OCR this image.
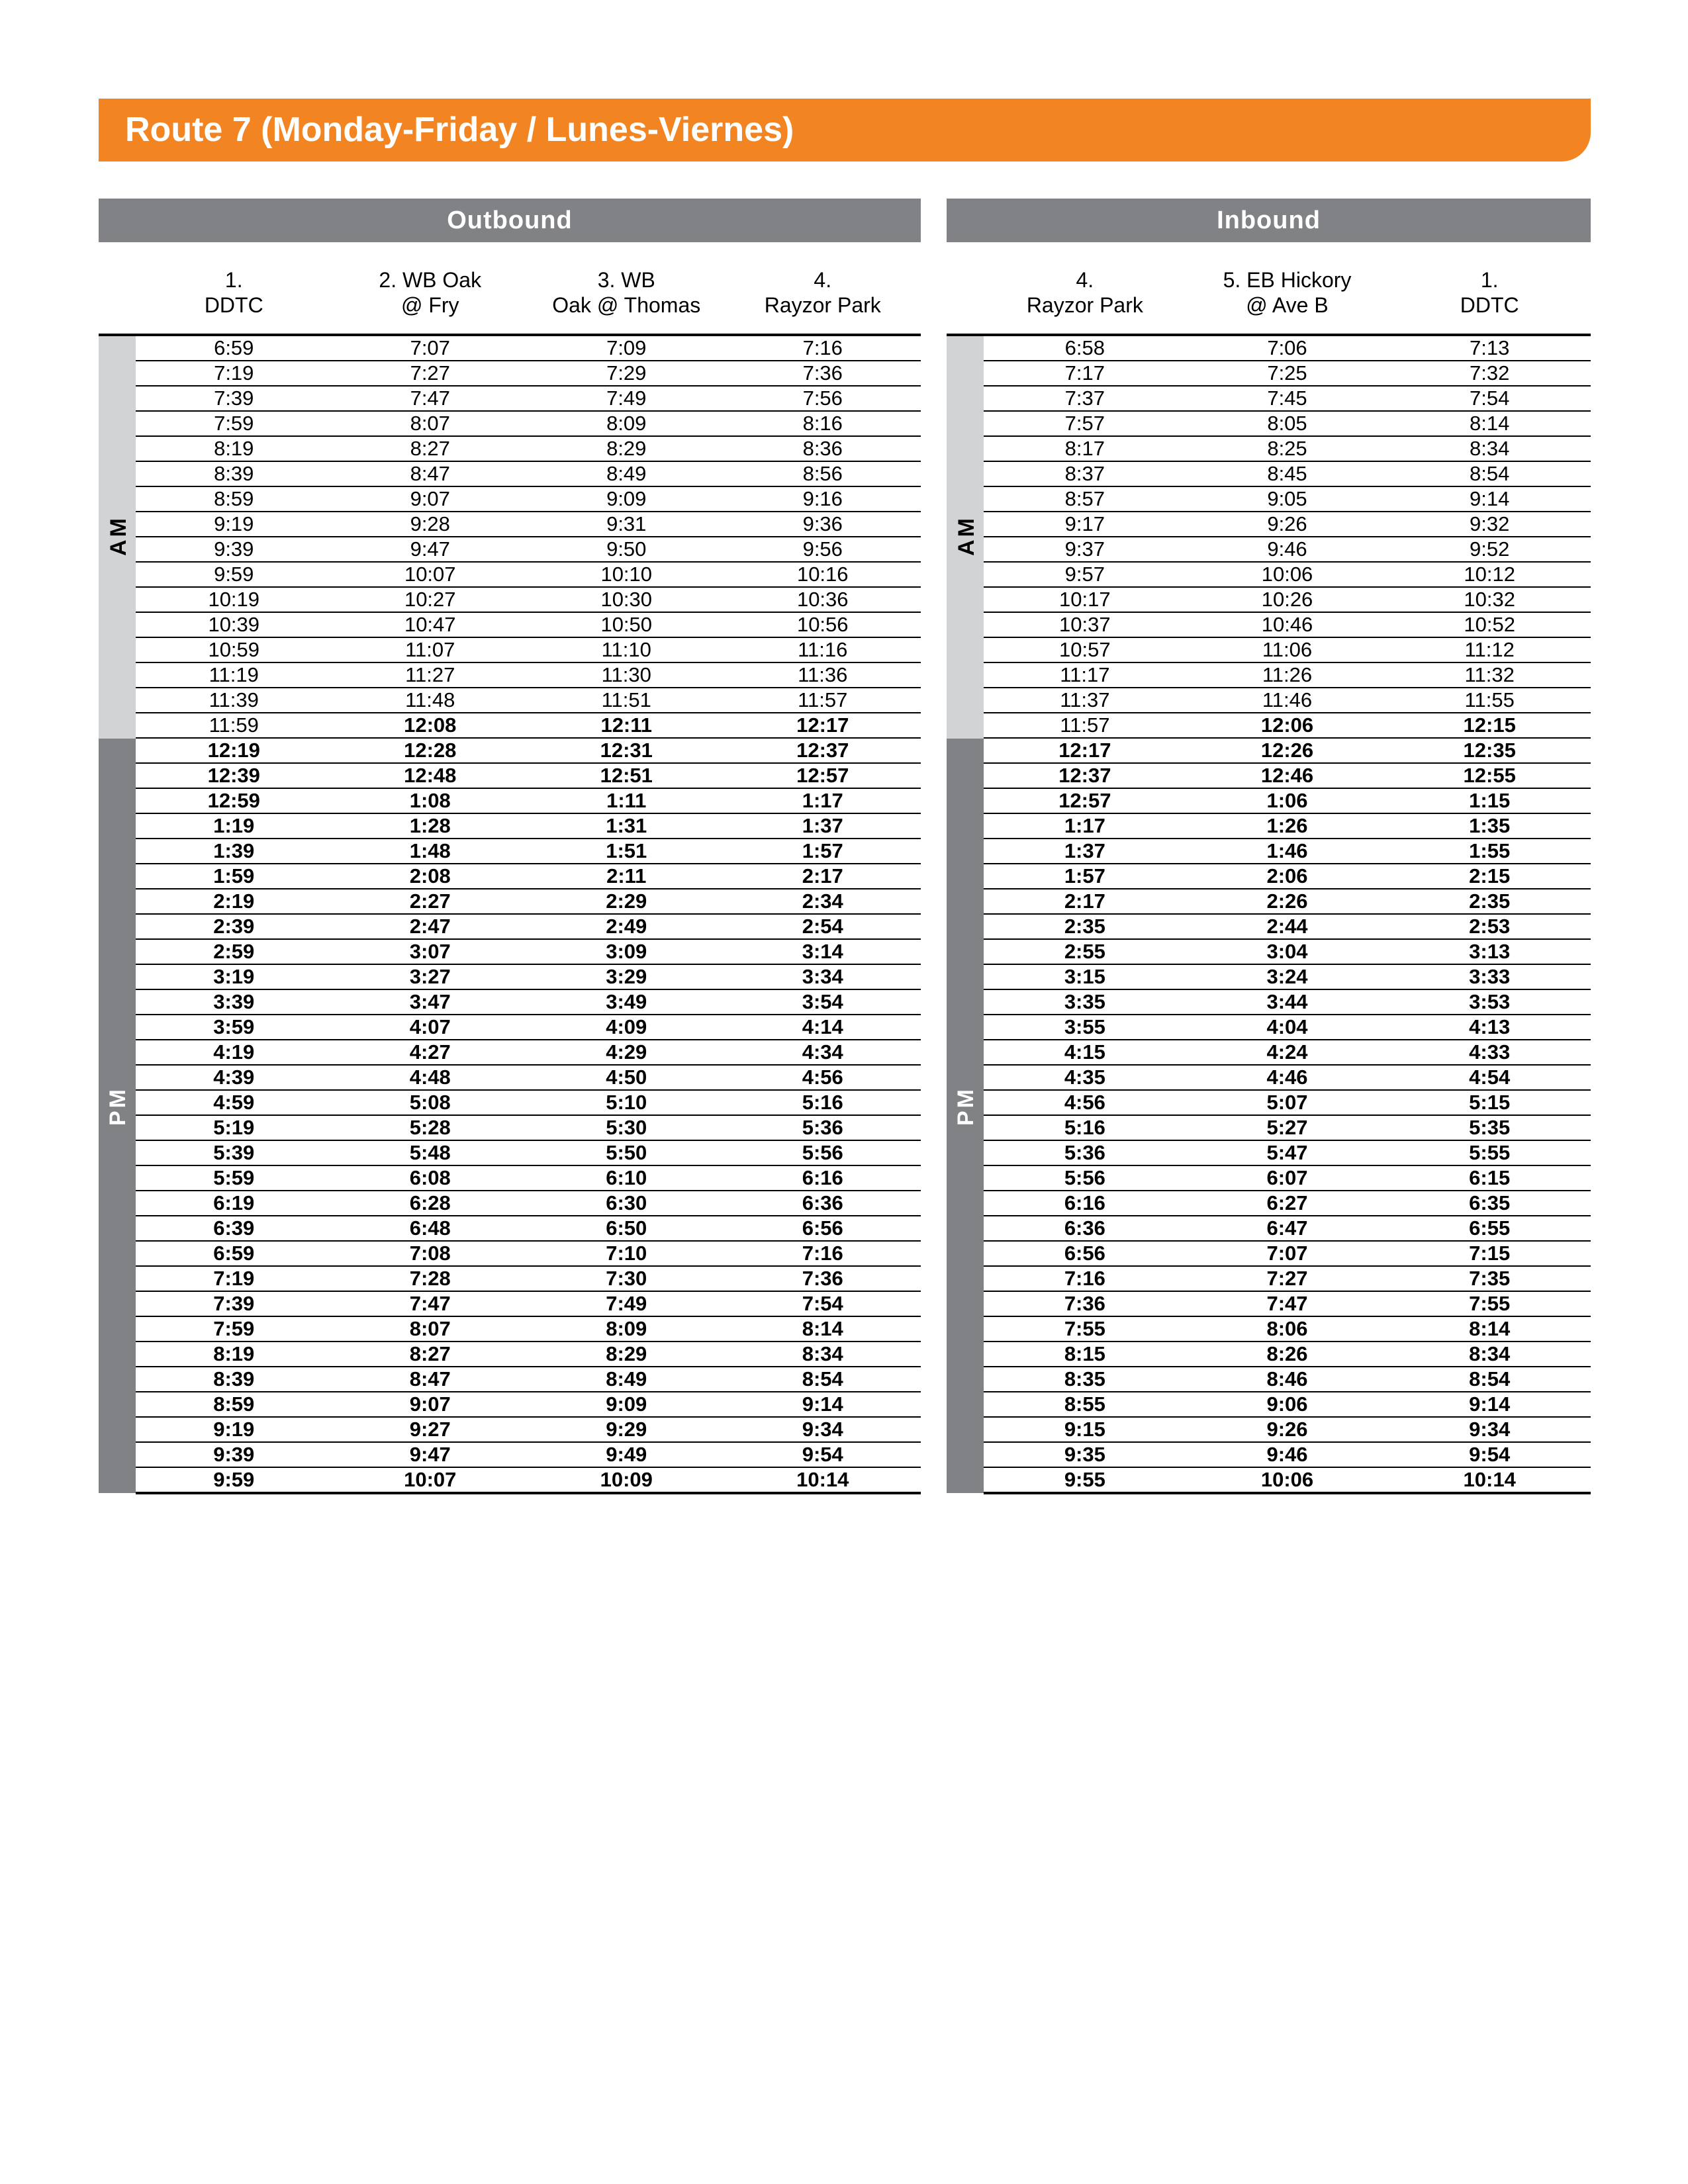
Route 7 (Monday-Friday / Lunes-Viernes)
Outbound
1.
DDTC
2. WB Oak
@ Fry
3. WB
Oak @ Thomas
4.
Rayzor Park
AM
PM
6:59	7:07	7:09	7:16
7:19	7:27	7:29	7:36
7:39	7:47	7:49	7:56
7:59	8:07	8:09	8:16
8:19	8:27	8:29	8:36
8:39	8:47	8:49	8:56
8:59	9:07	9:09	9:16
9:19	9:28	9:31	9:36
9:39	9:47	9:50	9:56
9:59	10:07	10:10	10:16
10:19	10:27	10:30	10:36
10:39	10:47	10:50	10:56
10:59	11:07	11:10	11:16
11:19	11:27	11:30	11:36
11:39	11:48	11:51	11:57
11:59	12:08	12:11	12:17
12:19	12:28	12:31	12:37
12:39	12:48	12:51	12:57
12:59	1:08	1:11	1:17
1:19	1:28	1:31	1:37
1:39	1:48	1:51	1:57
1:59	2:08	2:11	2:17
2:19	2:27	2:29	2:34
2:39	2:47	2:49	2:54
2:59	3:07	3:09	3:14
3:19	3:27	3:29	3:34
3:39	3:47	3:49	3:54
3:59	4:07	4:09	4:14
4:19	4:27	4:29	4:34
4:39	4:48	4:50	4:56
4:59	5:08	5:10	5:16
5:19	5:28	5:30	5:36
5:39	5:48	5:50	5:56
5:59	6:08	6:10	6:16
6:19	6:28	6:30	6:36
6:39	6:48	6:50	6:56
6:59	7:08	7:10	7:16
7:19	7:28	7:30	7:36
7:39	7:47	7:49	7:54
7:59	8:07	8:09	8:14
8:19	8:27	8:29	8:34
8:39	8:47	8:49	8:54
8:59	9:07	9:09	9:14
9:19	9:27	9:29	9:34
9:39	9:47	9:49	9:54
9:59	10:07	10:09	10:14
Inbound
4.
Rayzor Park
5. EB Hickory
@ Ave B
1.
DDTC
AM
PM
6:58	7:06	7:13
7:17	7:25	7:32
7:37	7:45	7:54
7:57	8:05	8:14
8:17	8:25	8:34
8:37	8:45	8:54
8:57	9:05	9:14
9:17	9:26	9:32
9:37	9:46	9:52
9:57	10:06	10:12
10:17	10:26	10:32
10:37	10:46	10:52
10:57	11:06	11:12
11:17	11:26	11:32
11:37	11:46	11:55
11:57	12:06	12:15
12:17	12:26	12:35
12:37	12:46	12:55
12:57	1:06	1:15
1:17	1:26	1:35
1:37	1:46	1:55
1:57	2:06	2:15
2:17	2:26	2:35
2:35	2:44	2:53
2:55	3:04	3:13
3:15	3:24	3:33
3:35	3:44	3:53
3:55	4:04	4:13
4:15	4:24	4:33
4:35	4:46	4:54
4:56	5:07	5:15
5:16	5:27	5:35
5:36	5:47	5:55
5:56	6:07	6:15
6:16	6:27	6:35
6:36	6:47	6:55
6:56	7:07	7:15
7:16	7:27	7:35
7:36	7:47	7:55
7:55	8:06	8:14
8:15	8:26	8:34
8:35	8:46	8:54
8:55	9:06	9:14
9:15	9:26	9:34
9:35	9:46	9:54
9:55	10:06	10:14
